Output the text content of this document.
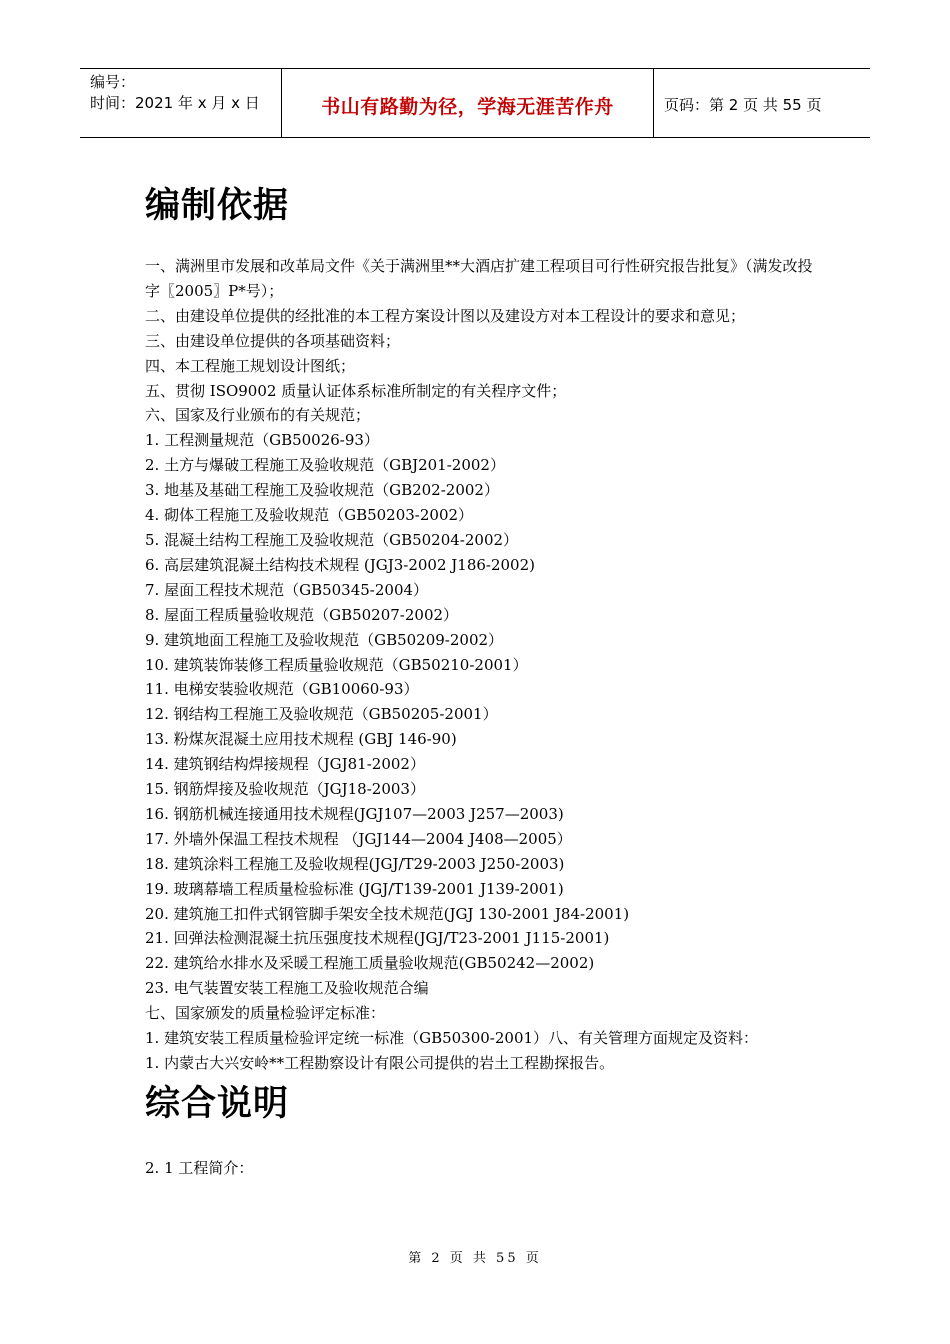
编号：
时间：2021 年 x 月 x 日	书山有路勤为径，学海无涯苦作舟	页码：第 2 页 共 55 页
编制依据
一、满洲里市发展和改革局文件《关于满洲里**大酒店扩建工程项目可行性研究报告批复》（满发改投字〖2005〗P*号）；
二、由建设单位提供的经批准的本工程方案设计图以及建设方对本工程设计的要求和意见；
三、由建设单位提供的各项基础资料；
四、本工程施工规划设计图纸；
五、贯彻 ISO9002 质量认证体系标准所制定的有关程序文件；
六、国家及行业颁布的有关规范；
1. 工程测量规范（GB50026-93）
2. 土方与爆破工程施工及验收规范（GBJ201-2002）
3. 地基及基础工程施工及验收规范（GB202-2002）
4. 砌体工程施工及验收规范（GB50203-2002）
5. 混凝土结构工程施工及验收规范（GB50204-2002）
6. 高层建筑混凝土结构技术规程 (JGJ3-2002 J186-2002)
7. 屋面工程技术规范（GB50345-2004）
8. 屋面工程质量验收规范（GB50207-2002）
9. 建筑地面工程施工及验收规范（GB50209-2002）
10. 建筑装饰装修工程质量验收规范（GB50210-2001）
11. 电梯安装验收规范（GB10060-93）
12. 钢结构工程施工及验收规范（GB50205-2001）
13. 粉煤灰混凝土应用技术规程 (GBJ 146-90)
14. 建筑钢结构焊接规程（JGJ81-2002）
15. 钢筋焊接及验收规范（JGJ18-2003）
16. 钢筋机械连接通用技术规程(JGJ107—2003 J257—2003)
17. 外墙外保温工程技术规程 （JGJ144—2004 J408—2005）
18. 建筑涂料工程施工及验收规程(JGJ/T29-2003 J250-2003)
19. 玻璃幕墙工程质量检验标准 (JGJ/T139-2001 J139-2001)
20. 建筑施工扣件式钢管脚手架安全技术规范(JGJ 130-2001 J84-2001)
21. 回弹法检测混凝土抗压强度技术规程(JGJ/T23-2001 J115-2001)
22. 建筑给水排水及采暖工程施工质量验收规范(GB50242—2002)
23. 电气装置安装工程施工及验收规范合编
七、国家颁发的质量检验评定标准：
1. 建筑安装工程质量检验评定统一标准（GB50300-2001）八、有关管理方面规定及资料：
1. 内蒙古大兴安岭**工程勘察设计有限公司提供的岩土工程勘探报告。
综合说明

2. 1 工程简介：

第 2 页 共 55 页
